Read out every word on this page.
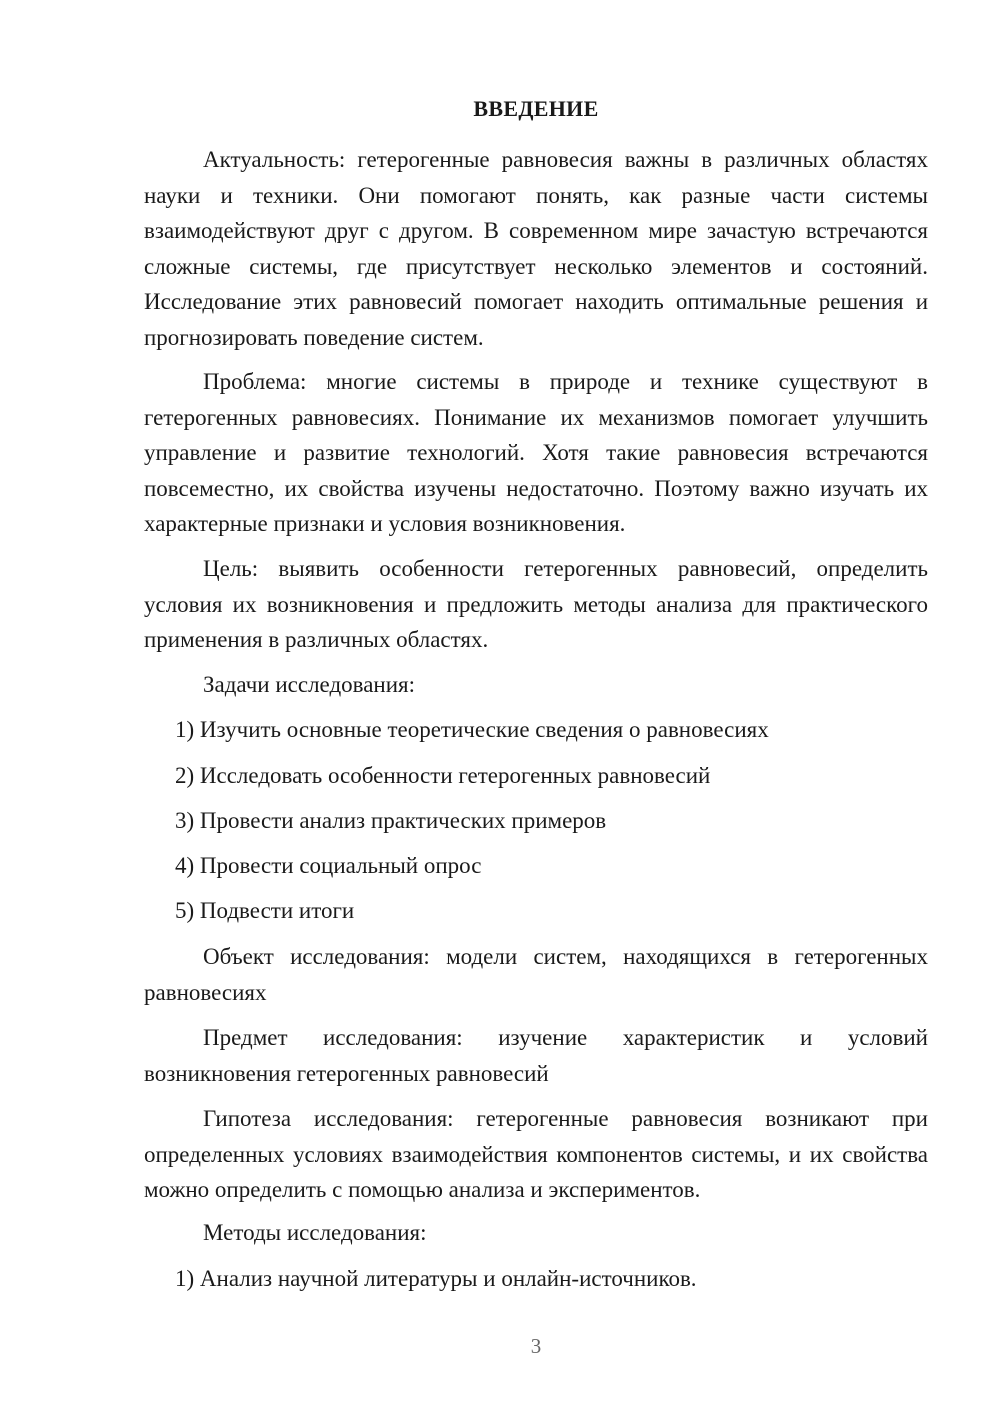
ВВЕДЕНИЕ

Актуальность: гетерогенные равновесия важны в различных областях науки и техники. Они помогают понять, как разные части системы взаимодействуют друг с другом. В современном мире зачастую встречаются сложные системы, где присутствует несколько элементов и состояний. Исследование этих равновесий помогает находить оптимальные решения и прогнозировать поведение систем.

Проблема: многие системы в природе и технике существуют в гетерогенных равновесиях. Понимание их механизмов помогает улучшить управление и развитие технологий. Хотя такие равновесия встречаются повсеместно, их свойства изучены недостаточно. Поэтому важно изучать их характерные признаки и условия возникновения.

Цель: выявить особенности гетерогенных равновесий, определить условия их возникновения и предложить методы анализа для практического применения в различных областях.

Задачи исследования:
1) Изучить основные теоретические сведения о равновесиях
2) Исследовать особенности гетерогенных равновесий
3) Провести анализ практических примеров
4) Провести социальный опрос
5) Подвести итоги

Объект исследования: модели систем, находящихся в гетерогенных равновесиях

Предмет исследования: изучение характеристик и условий возникновения гетерогенных равновесий

Гипотеза исследования: гетерогенные равновесия возникают при определенных условиях взаимодействия компонентов системы, и их свойства можно определить с помощью анализа и экспериментов.

Методы исследования:
1) Анализ научной литературы и онлайн-источников.
3
